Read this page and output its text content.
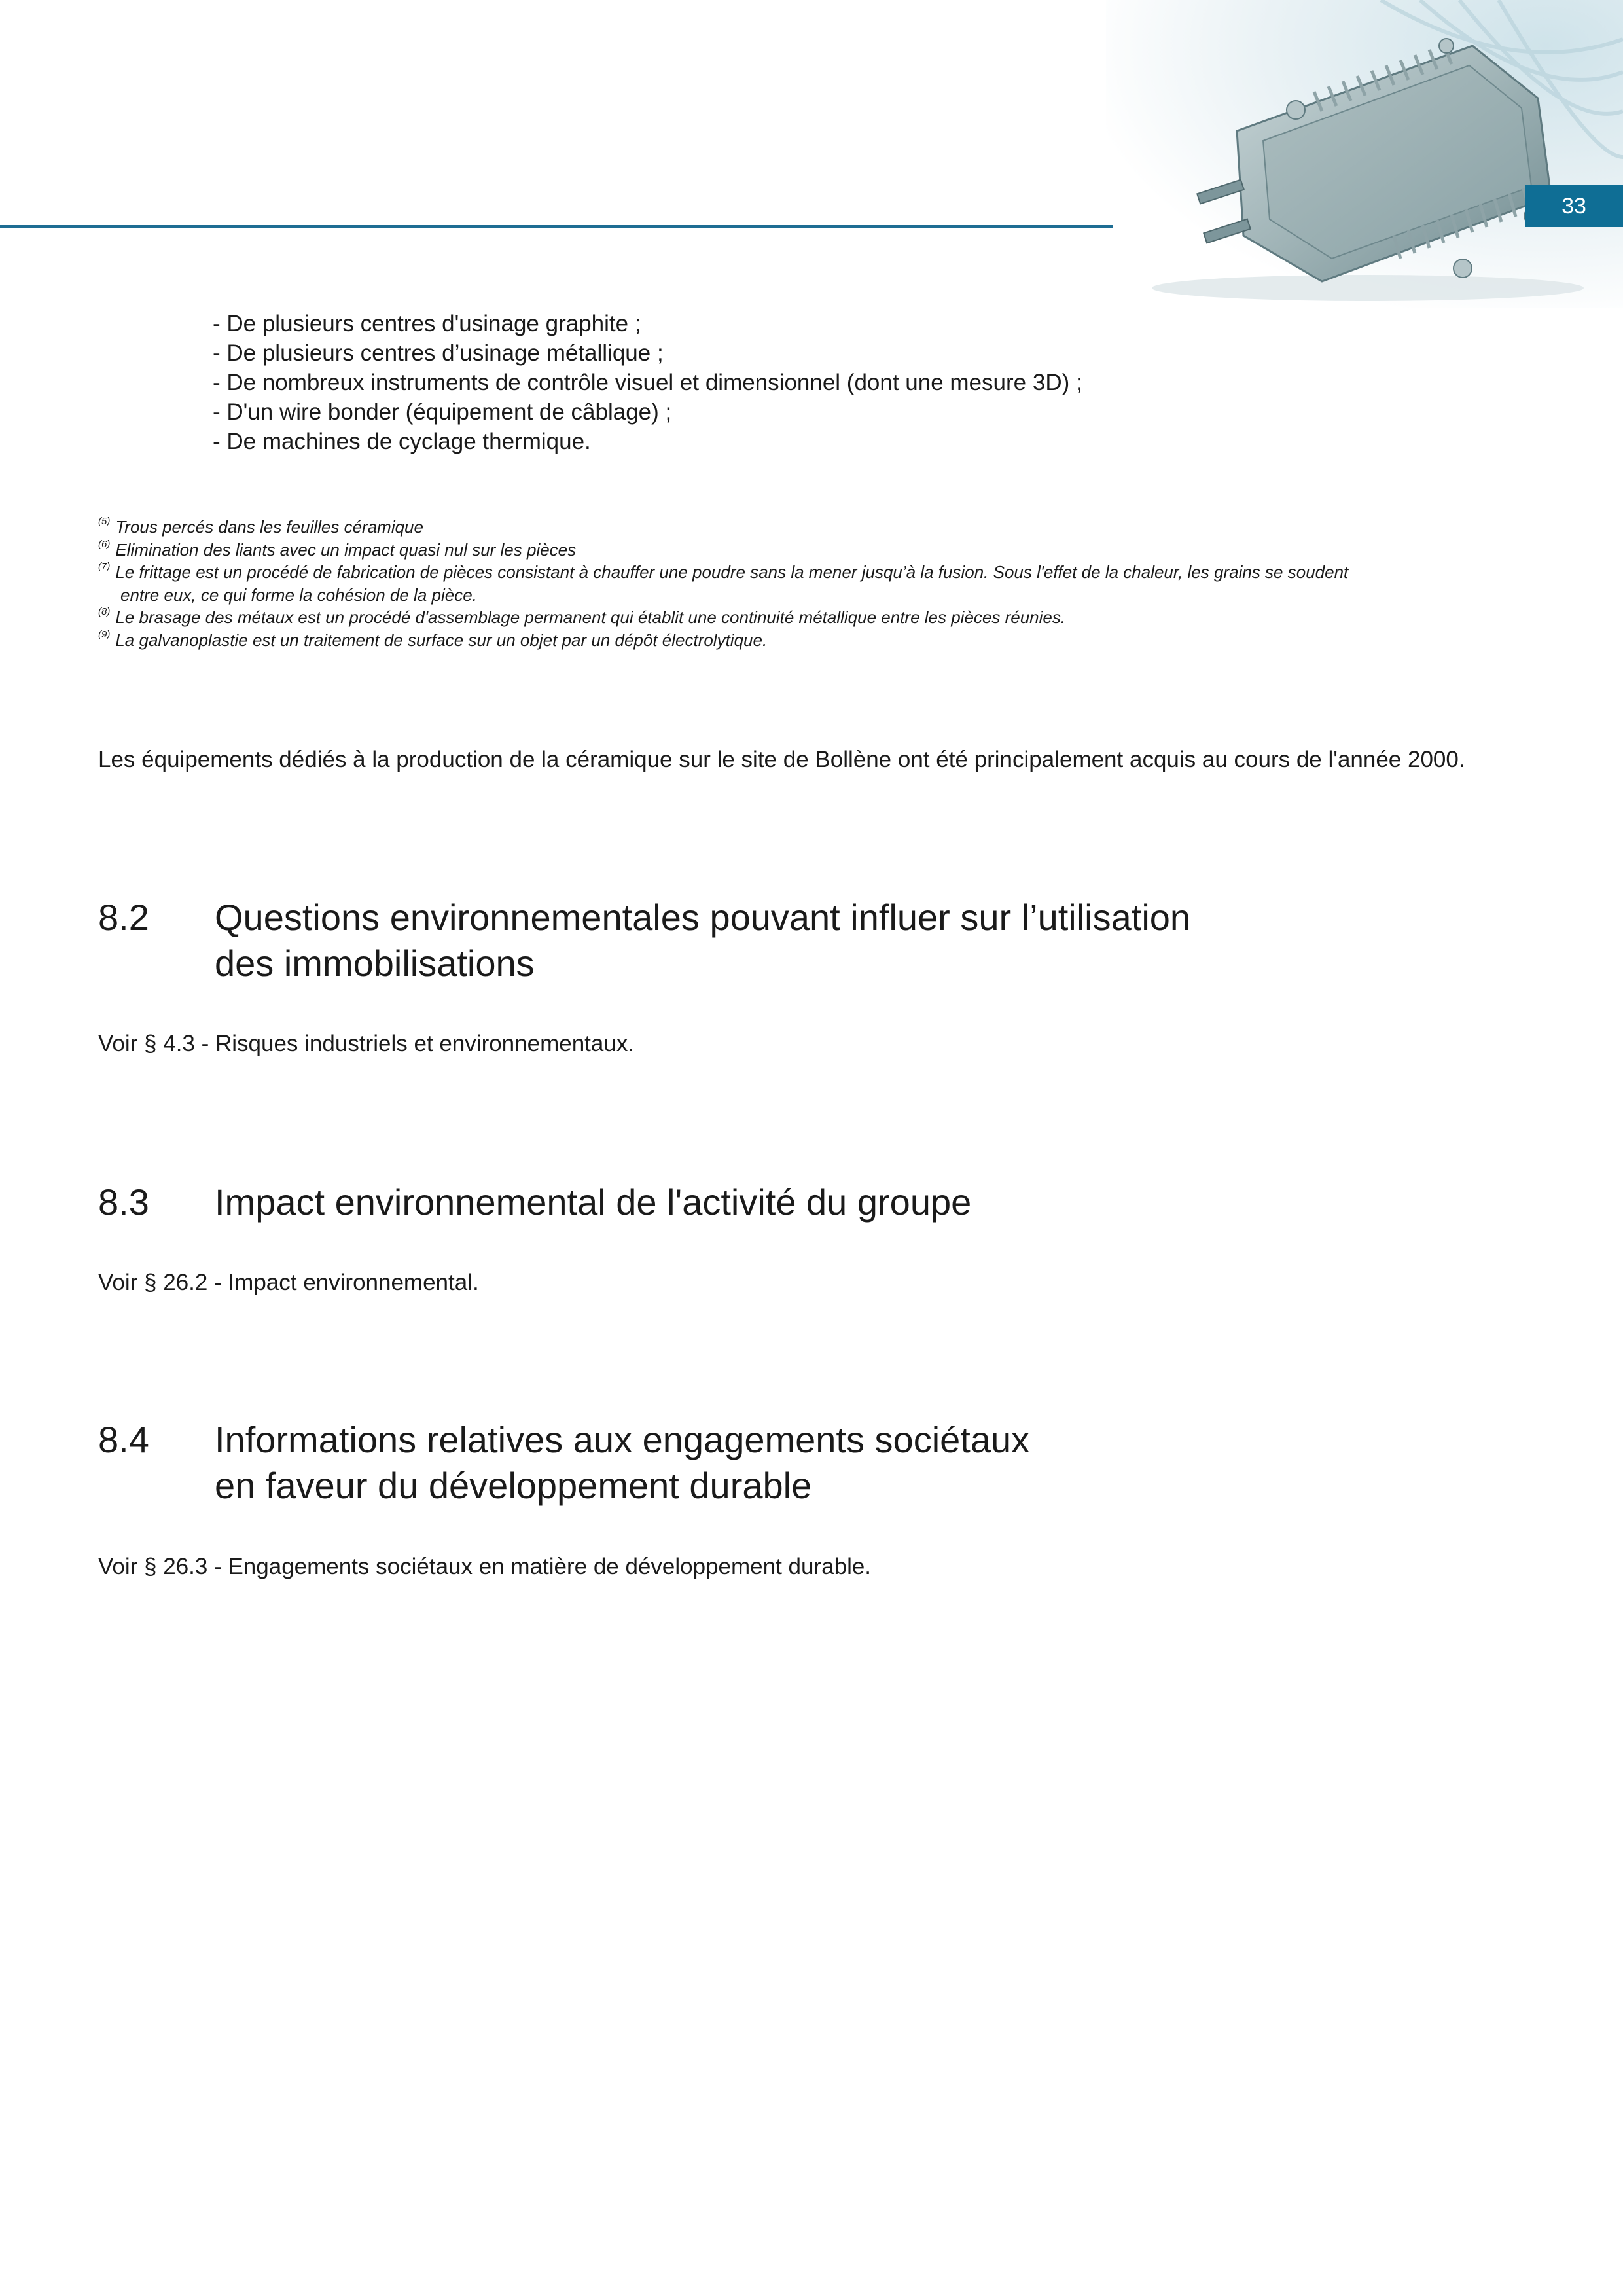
33
- De plusieurs centres d'usinage graphite ;
- De plusieurs centres d’usinage métallique ;
- De nombreux instruments de contrôle visuel et dimensionnel (dont une mesure 3D) ;
- D'un wire bonder (équipement de câblage) ;
- De machines de cyclage thermique.
(5) Trous percés dans les feuilles céramique
(6) Elimination des liants avec un impact quasi nul sur les pièces
(7) Le frittage est un procédé de fabrication de pièces consistant à chauffer une poudre sans la mener jusqu’à la fusion. Sous l'effet de la chaleur, les grains se soudent
entre eux, ce qui forme la cohésion de la pièce.
(8) Le brasage des métaux est un procédé d'assemblage permanent qui établit une continuité métallique entre les pièces réunies.
(9) La galvanoplastie est un traitement de surface sur un objet par un dépôt électrolytique.
Les équipements dédiés à la production de la céramique sur le site de Bollène ont été principalement acquis au cours de l'année 2000.
8.2 Questions environnementales pouvant influer sur l’utilisation
des immobilisations
Voir § 4.3 - Risques industriels et environnementaux.
8.3 Impact environnemental de l'activité du groupe
Voir § 26.2 - Impact environnemental.
8.4 Informations relatives aux engagements sociétaux
en faveur du développement durable
Voir § 26.3 - Engagements sociétaux en matière de développement durable.
